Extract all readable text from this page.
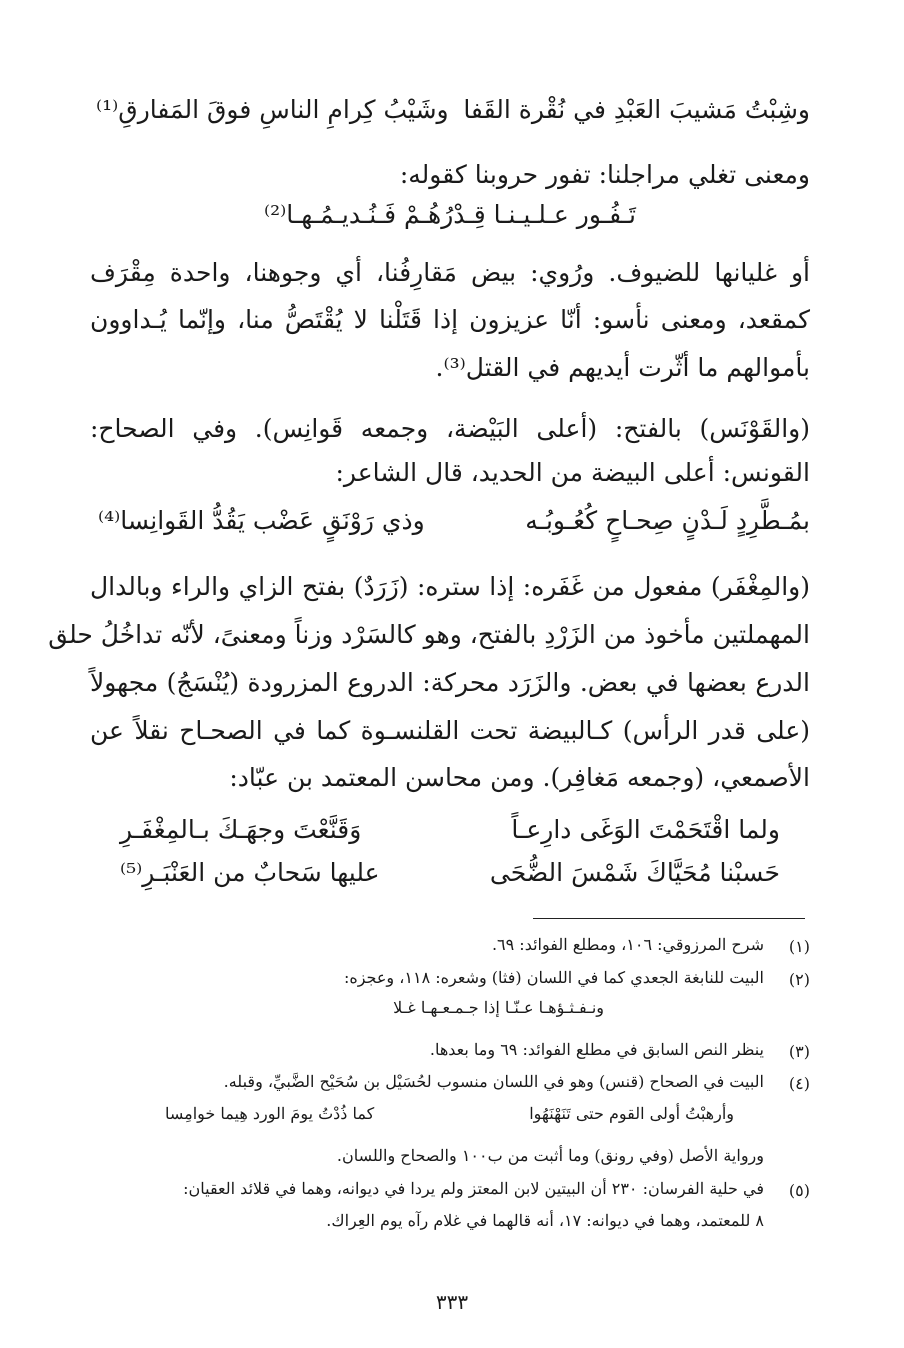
وشِبْتُ مَشيبَ العَبْدِ في نُقْرة القَفا
وشَيْبُ كِرامِ الناسِ فوقَ المَفارقِ⁽¹⁾
ومعنى تغلي مراجلنا: تفور حروبنا كقوله:
تَـفُـور عـلـيـنـا قِـدْرُهُـمْ فَـنُـديـمُـهـا⁽²⁾
أو غليانها للضيوف. ورُوي: بيض مَقارِفُنا، أي وجوهنا، واحدة مِقْرَف
كمقعد، ومعنى نأسو: أنّا عزيزون إذا قَتَلْنا لا يُقْتَصُّ منا، وإنّما يُـداوون
بأموالهم ما أثّرت أيديهم في القتل⁽³⁾.
(والقَوْنَس) بالفتح: (أعلى البَيْضة، وجمعه قَوانِس). وفي الصحاح:
القونس: أعلى البيضة من الحديد، قال الشاعر:
بمُـطَّرِدٍ لَـدْنٍ صِحـاحٍ كُعُـوبُـه
وذي رَوْنَقٍ عَضْب يَقُدُّ القَوانِسا⁽⁴⁾
(والمِغْفَر) مفعول من غَفَره: إذا ستره: (زَرَدٌ) بفتح الزاي والراء وبالدال
المهملتين مأخوذ من الزَرْدِ بالفتح، وهو كالسَرْد وزناً ومعنىً، لأنّه تداخُلُ حلق
الدرع بعضها في بعض. والزَرَد محركة: الدروع المزرودة (يُنْسَجُ) مجهولاً
(على قدر الرأس) كـالبيضة تحت القلنسـوة كما في الصحـاح نقلاً عن
الأصمعي، (وجمعه مَغافِر). ومن محاسن المعتمد بن عبّاد:
ولما اقْتَحَمْتَ الوَغَى دارِعـاً
وَقَنَّعْتَ وجهَـكَ بـالمِغْفَـرِ
حَسبْنا مُحَيَّاكَ شَمْسَ الضُّحَى
عليها سَحابٌ من العَنْبَـرِ⁽⁵⁾
(١)
شرح المرزوقي: ١٠٦، ومطلع الفوائد: ٦٩.
(٢)
البيت للنابغة الجعدي كما في اللسان (فثا) وشعره: ١١٨، وعجزه:
ونـفـثـؤهـا عـنّـا إذا جـمـعـهـا غـلا
(٣)
ينظر النص السابق في مطلع الفوائد: ٦٩ وما بعدها.
(٤)
البيت في الصحاح (قنس) وهو في اللسان منسوب لحُسَيْل بن سُحَيْح الضَّبيِّ، وقبله.
وأرهبْتُ أولى القوم حتى تَنَهْنَهُوا
كما ذُدْتُ يومَ الورد هِيما خوامِسا
ورواية الأصل (وفي رونق) وما أثبت من ب١٠٠ والصحاح واللسان.
(٥)
في حلية الفرسان: ٢٣٠ أن البيتين لابن المعتز ولم يردا في ديوانه، وهما في قلائد العقيان:
٨ للمعتمد، وهما في ديوانه: ١٧، أنه قالهما في غلام رآه يوم العِراك.
٣٣٣
